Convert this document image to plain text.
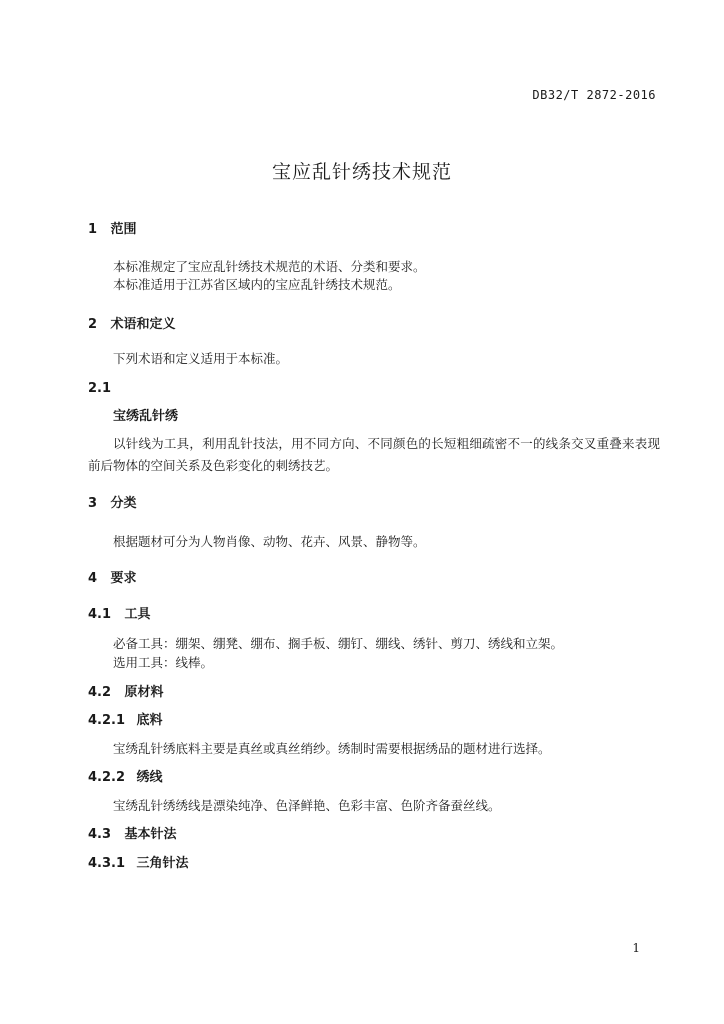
DB32/T 2872-2016
宝应乱针绣技术规范
1 范围

本标准规定了宝应乱针绣技术规范的术语、分类和要求。

本标准适用于江苏省区域内的宝应乱针绣技术规范。

2 术语和定义

下列术语和定义适用于本标准。

2.1
宝绣乱针绣

以针线为工具，利用乱针技法，用不同方向、不同颜色的长短粗细疏密不一的线条交叉重叠来表现前后物体的空间关系及色彩变化的刺绣技艺。

3 分类

根据题材可分为人物肖像、动物、花卉、风景、静物等。

4 要求
4.1 工具

必备工具：绷架、绷凳、绷布、搁手板、绷钉、绷线、绣针、剪刀、绣线和立架。

选用工具：线棒。

4.2 原材料
4.2.1 底料

宝绣乱针绣底料主要是真丝或真丝绡纱。绣制时需要根据绣品的题材进行选择。

4.2.2 绣线

宝绣乱针绣绣线是漂染纯净、色泽鲜艳、色彩丰富、色阶齐备蚕丝线。

4.3 基本针法
4.3.1 三角针法
1
